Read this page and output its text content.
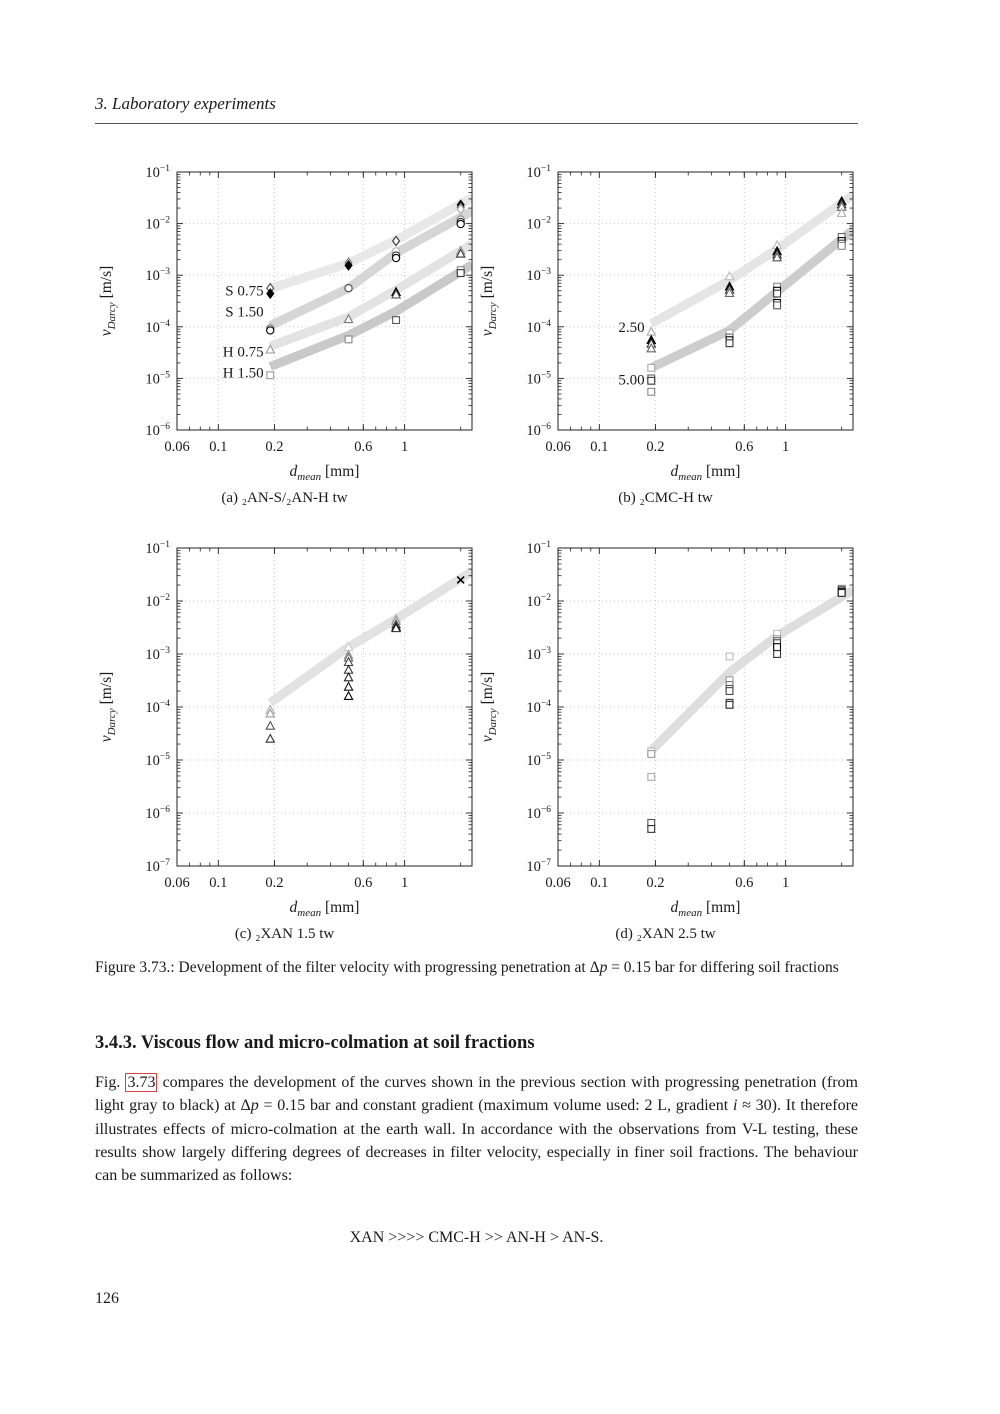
3. Laboratory experiments
0.06 0.1	0.2	0.6 1
$10^{-6}$
$10^{-5}$
$10^{-4}$
$10^{-3}$
$10^{-2}$
$10^{-1}$
S 0.75
S 1.50
H 0.75
H 1.50
$d_{mean}$ [mm]
$v_{Darcy}$ [m/s]
0.06 0.1	0.2	0.6 1
$10^{-6}$
$10^{-5}$
$10^{-4}$
$10^{-3}$
$10^{-2}$
$10^{-1}$
2.50
5.00
$d_{mean}$ [mm]
$v_{Darcy}$ [m/s]
(a) ₂AN-S/₂AN-H tw	(b) ₂CMC-H tw
0.06 0.1	0.2	0.6 1
$10^{-7}$
$10^{-6}$
$10^{-5}$
$10^{-4}$
$10^{-3}$
$10^{-2}$
$10^{-1}$
$d_{mean}$ [mm]
$v_{Darcy}$ [m/s]
0.06 0.1	0.2	0.6 1
$10^{-7}$
$10^{-6}$
$10^{-5}$
$10^{-4}$
$10^{-3}$
$10^{-2}$
$10^{-1}$
$d_{mean}$ [mm]
$v_{Darcy}$ [m/s]
(c) ₂XAN 1.5 tw	(d) ₂XAN 2.5 tw
Figure 3.73.: Development of the filter velocity with progressing penetration at Δp = 0.15 bar for differing soil fractions
3.4.3. Viscous flow and micro-colmation at soil fractions
Fig. 3.73 compares the development of the curves shown in the previous section with progressing penetration (from light gray to black) at Δp = 0.15 bar and constant gradient (maximum volume used: 2 L, gradient i ≈ 30). It therefore illustrates effects of micro-colmation at the earth wall. In accordance with the observations from V-L testing, these results show largely differing degrees of decreases in filter velocity, especially in finer soil fractions. The behaviour can be summarized as follows:
XAN >>>> CMC-H >> AN-H > AN-S.
126
